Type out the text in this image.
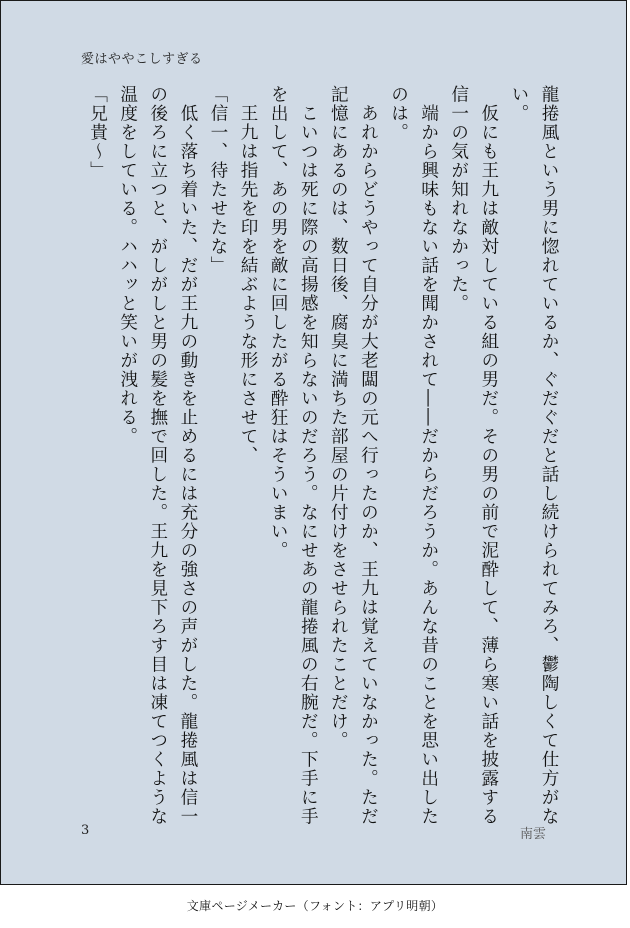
愛はややこしすぎる

龍捲風という男に惚れているか、ぐだぐだと話し続けられてみろ、鬱陶しくて仕方がな

い。

　仮にも王九は敵対している組の男だ。その男の前で泥酔して、薄ら寒い話を披露する

信一の気が知れなかった。

　端から興味もない話を聞かされて――だからだろうか。あんな昔のことを思い出した

のは。

　あれからどうやって自分が大老闆の元へ行ったのか、王九は覚えていなかった。ただ

記憶にあるのは、数日後、腐臭に満ちた部屋の片付けをさせられたことだけ。

　こいつは死に際の高揚感を知らないのだろう。なにせあの龍捲風の右腕だ。下手に手

を出して、あの男を敵に回したがる酔狂はそういまい。

　王九は指先を印を結ぶような形にさせて、

「信一、待たせたな」

　低く落ち着いた、だが王九の動きを止めるには充分の強さの声がした。龍捲風は信一

の後ろに立つと、がしがしと男の髪を撫で回した。王九を見下ろす目は凍てつくような

温度をしている。ハハッと笑いが洩れる。

「兄貴～」

3	南雲
文庫ページメーカー（フォント：アプリ明朝）
